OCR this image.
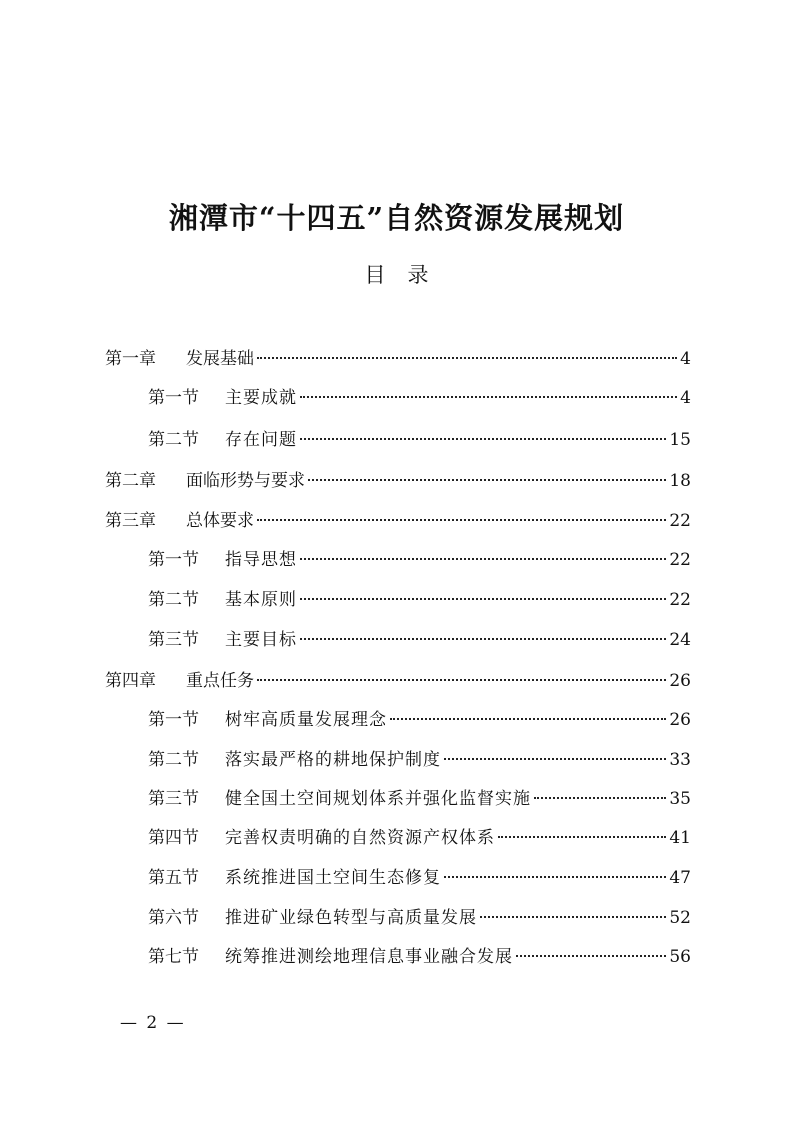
湘潭市“十四五”自然资源发展规划
目录
第一章 发展基础	4
第一节 主要成就	4
第二节 存在问题	15
第二章 面临形势与要求	18
第三章 总体要求	22
第一节 指导思想	22
第二节 基本原则	22
第三节 主要目标	24
第四章 重点任务	26
第一节 树牢高质量发展理念	26
第二节 落实最严格的耕地保护制度	33
第三节 健全国土空间规划体系并强化监督实施	35
第四节 完善权责明确的自然资源产权体系	41
第五节 系统推进国土空间生态修复	47
第六节 推进矿业绿色转型与高质量发展	52
第七节 统筹推进测绘地理信息事业融合发展	56
— 2 —
